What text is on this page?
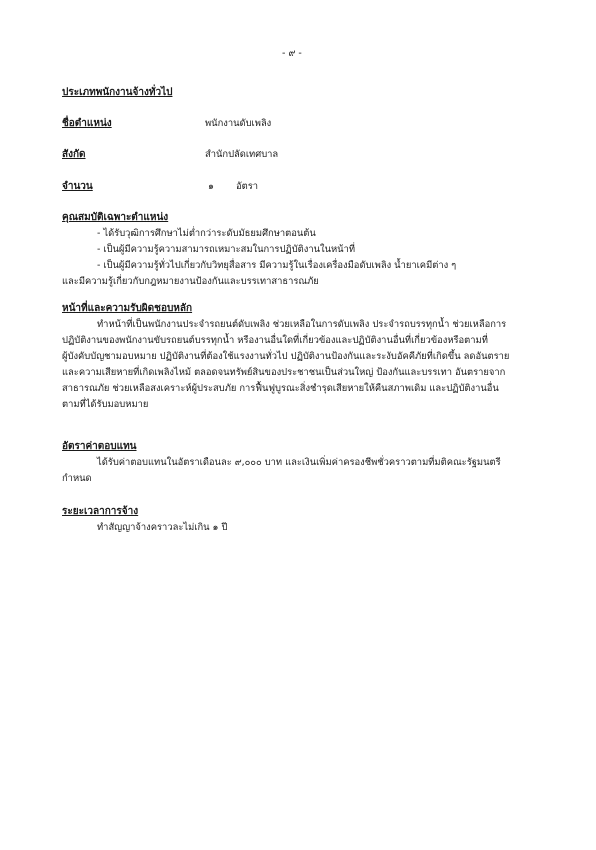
- ๙ -
ประเภทพนักงานจ้างทั่วไป
ชื่อตำแหน่ง	พนักงานดับเพลิง
สังกัด	สำนักปลัดเทศบาล
จำนวน	๑ อัตรา
คุณสมบัติเฉพาะตำแหน่ง
- ได้รับวุฒิการศึกษาไม่ต่ำกว่าระดับมัธยมศึกษาตอนต้น
- เป็นผู้มีความรู้ความสามารถเหมาะสมในการปฏิบัติงานในหน้าที่
- เป็นผู้มีความรู้ทั่วไปเกี่ยวกับวิทยุสื่อสาร มีความรู้ในเรื่องเครื่องมือดับเพลิง น้ำยาเคมีต่าง ๆ
และมีความรู้เกี่ยวกับกฎหมายงานป้องกันและบรรเทาสาธารณภัย
หน้าที่และความรับผิดชอบหลัก
ทำหน้าที่เป็นพนักงานประจำรถยนต์ดับเพลิง ช่วยเหลือในการดับเพลิง ประจำรถบรรทุกน้ำ ช่วยเหลือการ
ปฏิบัติงานของพนักงานขับรถยนต์บรรทุกน้ำ หรืองานอื่นใดที่เกี่ยวข้องและปฏิบัติงานอื่นที่เกี่ยวข้องหรือตามที่
ผู้บังคับบัญชามอบหมาย ปฏิบัติงานที่ต้องใช้แรงงานทั่วไป ปฏิบัติงานป้องกันและระงับอัคคีภัยที่เกิดขึ้น ลดอันตราย
และความเสียหายที่เกิดเพลิงไหม้ ตลอดจนทรัพย์สินของประชาชนเป็นส่วนใหญ่ ป้องกันและบรรเทา อันตรายจาก
สาธารณภัย ช่วยเหลือสงเคราะห์ผู้ประสบภัย การฟื้นฟูบูรณะสิ่งชำรุดเสียหายให้คืนสภาพเดิม และปฏิบัติงานอื่น
ตามที่ได้รับมอบหมาย
อัตราค่าตอบแทน
ได้รับค่าตอบแทนในอัตราเดือนละ ๙,๐๐๐ บาท และเงินเพิ่มค่าครองชีพชั่วคราวตามที่มติคณะรัฐมนตรี
กำหนด
ระยะเวลาการจ้าง
ทำสัญญาจ้างคราวละไม่เกิน ๑ ปี
